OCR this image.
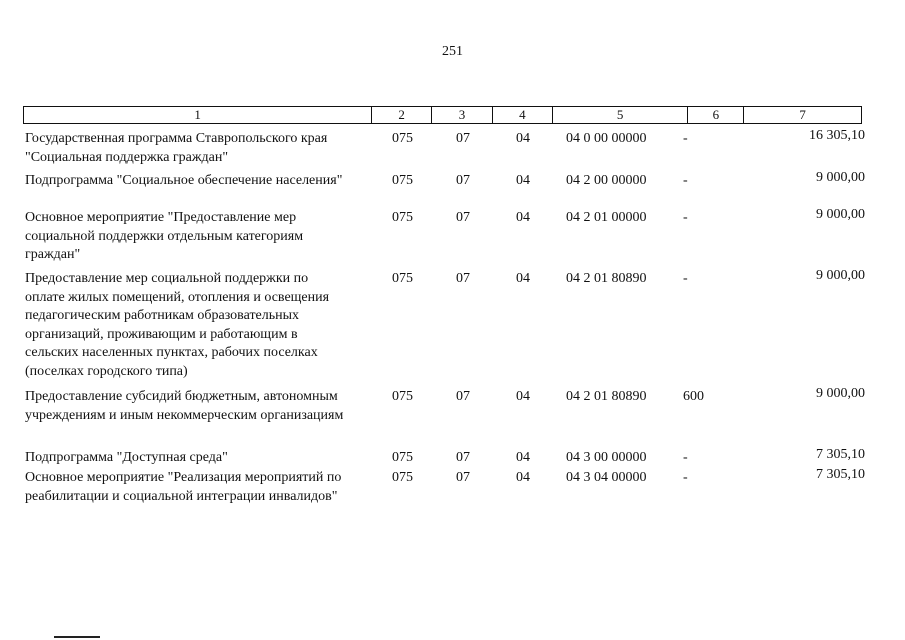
251
1	2	3	4	5	6	7
Государственная программа Ставропольского края
"Социальная поддержка граждан"
075	07	04	04 0 00 00000	-	16 305,10
Подпрограмма "Социальное обеспечение населения"	075	07	04	04 2 00 00000	-	9 000,00
Основное мероприятие "Предоставление мер
социальной поддержки отдельным категориям
граждан"
075	07	04	04 2 01 00000	-	9 000,00
Предоставление мер социальной поддержки по
оплате жилых помещений, отопления и освещения
педагогическим работникам образовательных
организаций, проживающим и работающим в
сельских населенных пунктах, рабочих поселках
(поселках городского типа)
075	07	04	04 2 01 80890	-	9 000,00
Предоставление субсидий бюджетным, автономным
учреждениям и иным некоммерческим организациям
075	07	04	04 2 01 80890	600	9 000,00
Подпрограмма "Доступная среда"	075	07	04	04 3 00 00000	-	7 305,10
Основное мероприятие "Реализация мероприятий по
реабилитации и социальной интеграции инвалидов"
075	07	04	04 3 04 00000	-	7 305,10
